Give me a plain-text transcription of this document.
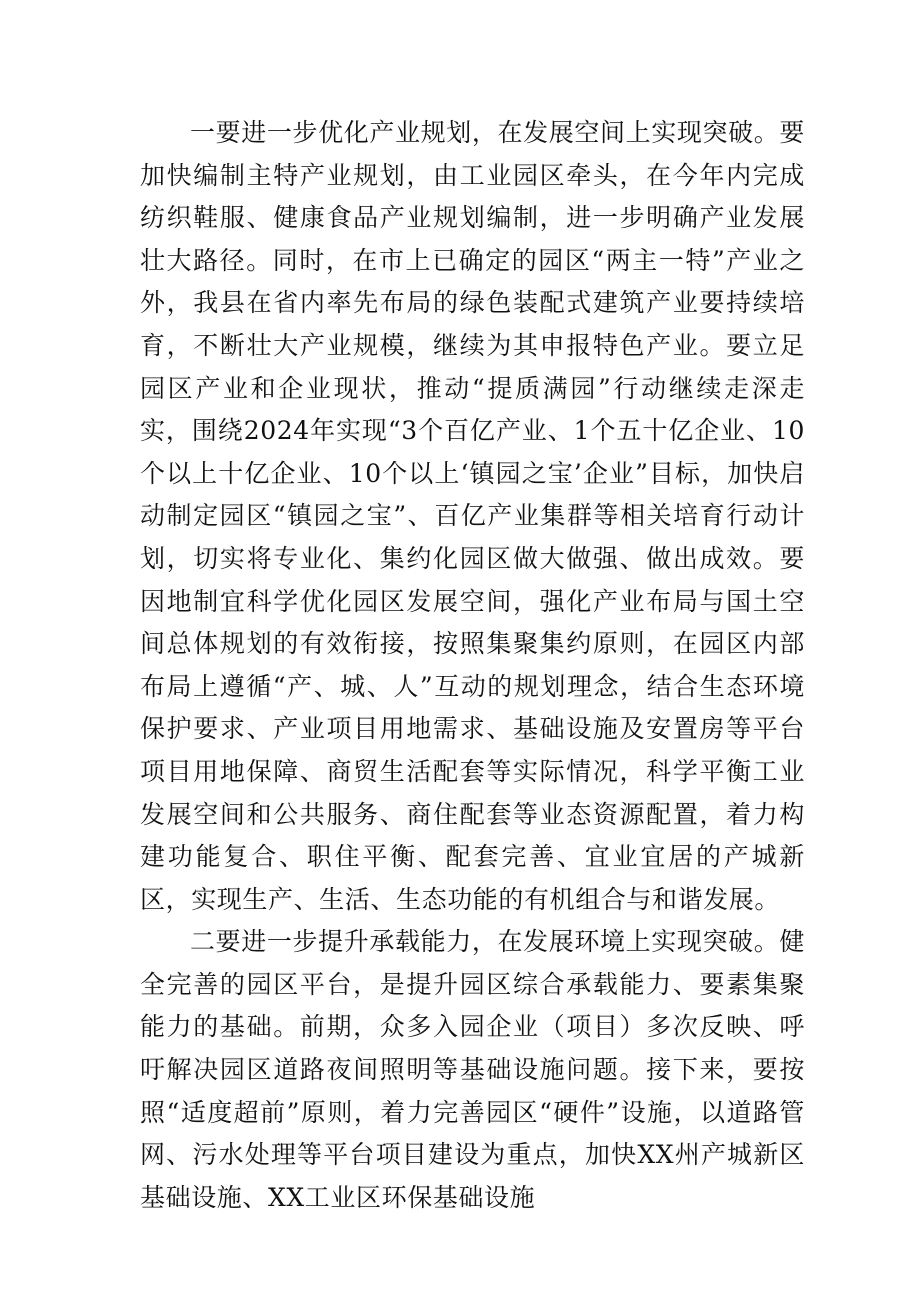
一要进一步优化产业规划，在发展空间上实现突破。要加快编制主特产业规划，由工业园区牵头，在今年内完成纺织鞋服、健康食品产业规划编制，进一步明确产业发展壮大路径。同时，在市上已确定的园区“两主一特”产业之外，我县在省内率先布局的绿色装配式建筑产业要持续培育，不断壮大产业规模，继续为其申报特色产业。要立足园区产业和企业现状，推动“提质满园”行动继续走深走实，围绕2024年实现“3个百亿产业、1个五十亿企业、10个以上十亿企业、10个以上‘镇园之宝’企业”目标，加快启动制定园区“镇园之宝”、百亿产业集群等相关培育行动计划，切实将专业化、集约化园区做大做强、做出成效。要因地制宜科学优化园区发展空间，强化产业布局与国土空间总体规划的有效衔接，按照集聚集约原则，在园区内部布局上遵循“产、城、人”互动的规划理念，结合生态环境保护要求、产业项目用地需求、基础设施及安置房等平台项目用地保障、商贸生活配套等实际情况，科学平衡工业发展空间和公共服务、商住配套等业态资源配置，着力构建功能复合、职住平衡、配套完善、宜业宜居的产城新区，实现生产、生活、生态功能的有机组合与和谐发展。

二要进一步提升承载能力，在发展环境上实现突破。健全完善的园区平台，是提升园区综合承载能力、要素集聚能力的基础。前期，众多入园企业（项目）多次反映、呼吁解决园区道路夜间照明等基础设施问题。接下来，要按照“适度超前”原则，着力完善园区“硬件”设施，以道路管网、污水处理等平台项目建设为重点，加快XX州产城新区基础设施、XX工业区环保基础设施
